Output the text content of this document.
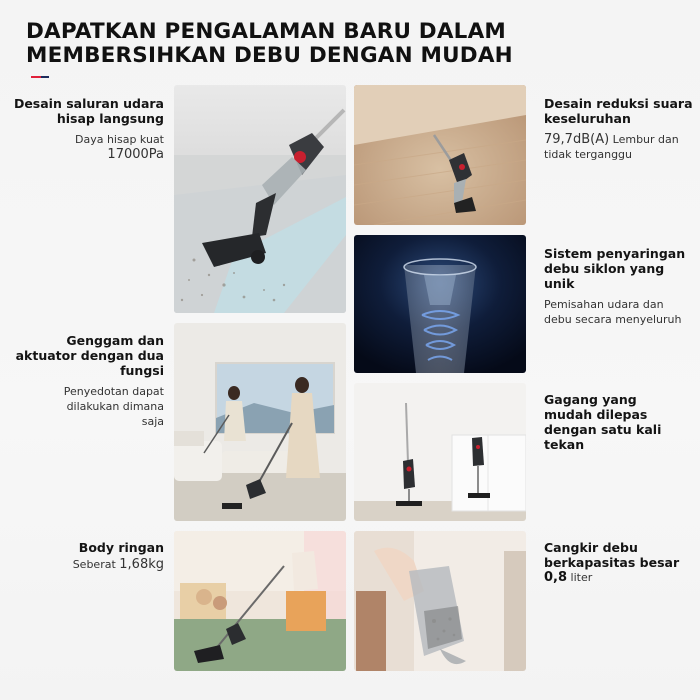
DAPATKAN PENGALAMAN BARU DALAM
MEMBERSIHKAN DEBU DENGAN MUDAH
Desain saluran udara hisap langsung

Daya hisap kuat
17000Pa

Desain reduksi suara keseluruhan

79,7dB(A) Lembur dan tidak terganggu

Sistem penyaringan debu siklon yang unik

Pemisahan udara dan debu secara menyeluruh

Genggam dan aktuator dengan dua fungsi

Penyedotan dapat dilakukan dimana saja

Gagang yang mudah dilepas dengan satu kali tekan
Body ringan

Seberat 1,68kg

Cangkir debu berkapasitas besar

0,8 liter
